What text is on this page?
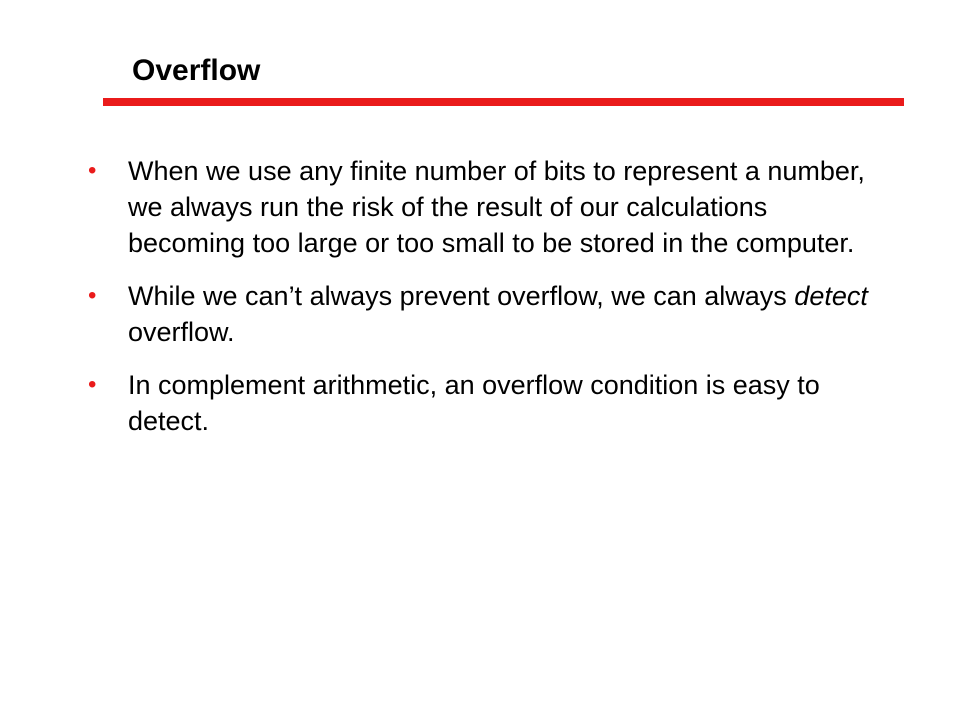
Overflow
•	When we use any finite number of bits to represent a number, we always run the risk of the result of our calculations becoming too large or too small to be stored in the computer.
•	While we can’t always prevent overflow, we can always detect overflow.
•	In complement arithmetic, an overflow condition is easy to detect.
